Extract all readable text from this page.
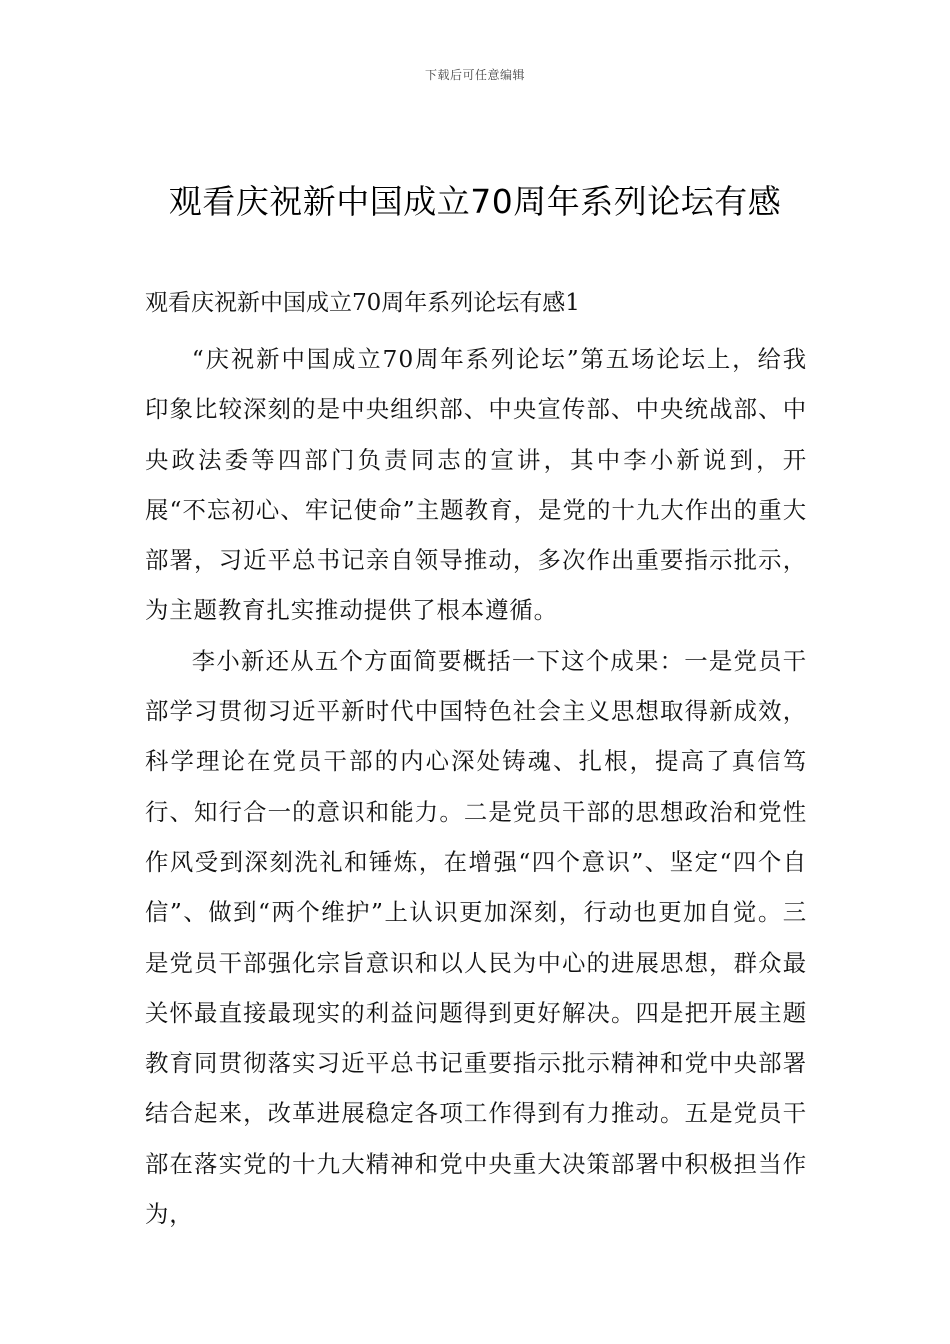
下载后可任意编辑
观看庆祝新中国成立70周年系列论坛有感

观看庆祝新中国成立70周年系列论坛有感1

“庆祝新中国成立70周年系列论坛”第五场论坛上，给我印象比较深刻的是中央组织部、中央宣传部、中央统战部、中央政法委等四部门负责同志的宣讲，其中李小新说到，开展“不忘初心、牢记使命”主题教育，是党的十九大作出的重大部署，习近平总书记亲自领导推动，多次作出重要指示批示，为主题教育扎实推动提供了根本遵循。

李小新还从五个方面简要概括一下这个成果：一是党员干部学习贯彻习近平新时代中国特色社会主义思想取得新成效，科学理论在党员干部的内心深处铸魂、扎根，提高了真信笃行、知行合一的意识和能力。二是党员干部的思想政治和党性作风受到深刻洗礼和锤炼，在增强“四个意识”、坚定“四个自信”、做到“两个维护”上认识更加深刻，行动也更加自觉。三是党员干部强化宗旨意识和以人民为中心的进展思想，群众最关怀最直接最现实的利益问题得到更好解决。四是把开展主题教育同贯彻落实习近平总书记重要指示批示精神和党中央部署结合起来，改革进展稳定各项工作得到有力推动。五是党员干部在落实党的十九大精神和党中央重大决策部署中积极担当作为，
